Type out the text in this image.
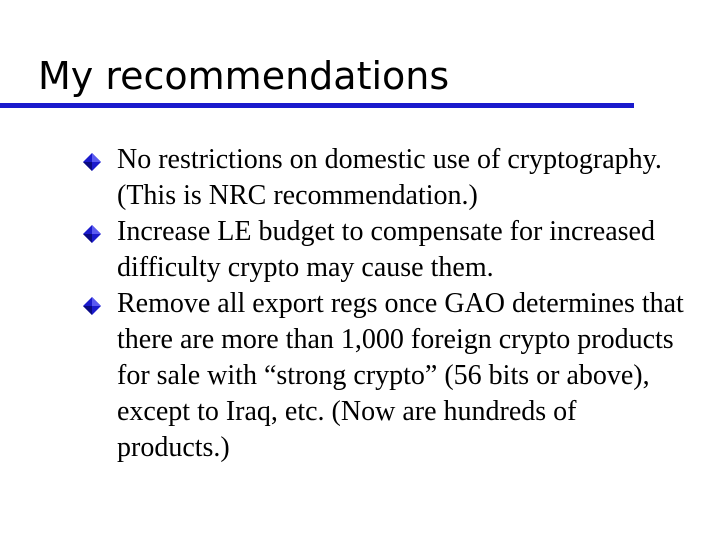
My recommendations
No restrictions on domestic use of cryptography. (This is NRC recommendation.)
Increase LE budget to compensate for increased difficulty crypto may cause them.
Remove all export regs once GAO determines that there are more than 1,000 foreign crypto products for sale with “strong crypto” (56 bits or above), except to Iraq, etc. (Now are hundreds of products.)
